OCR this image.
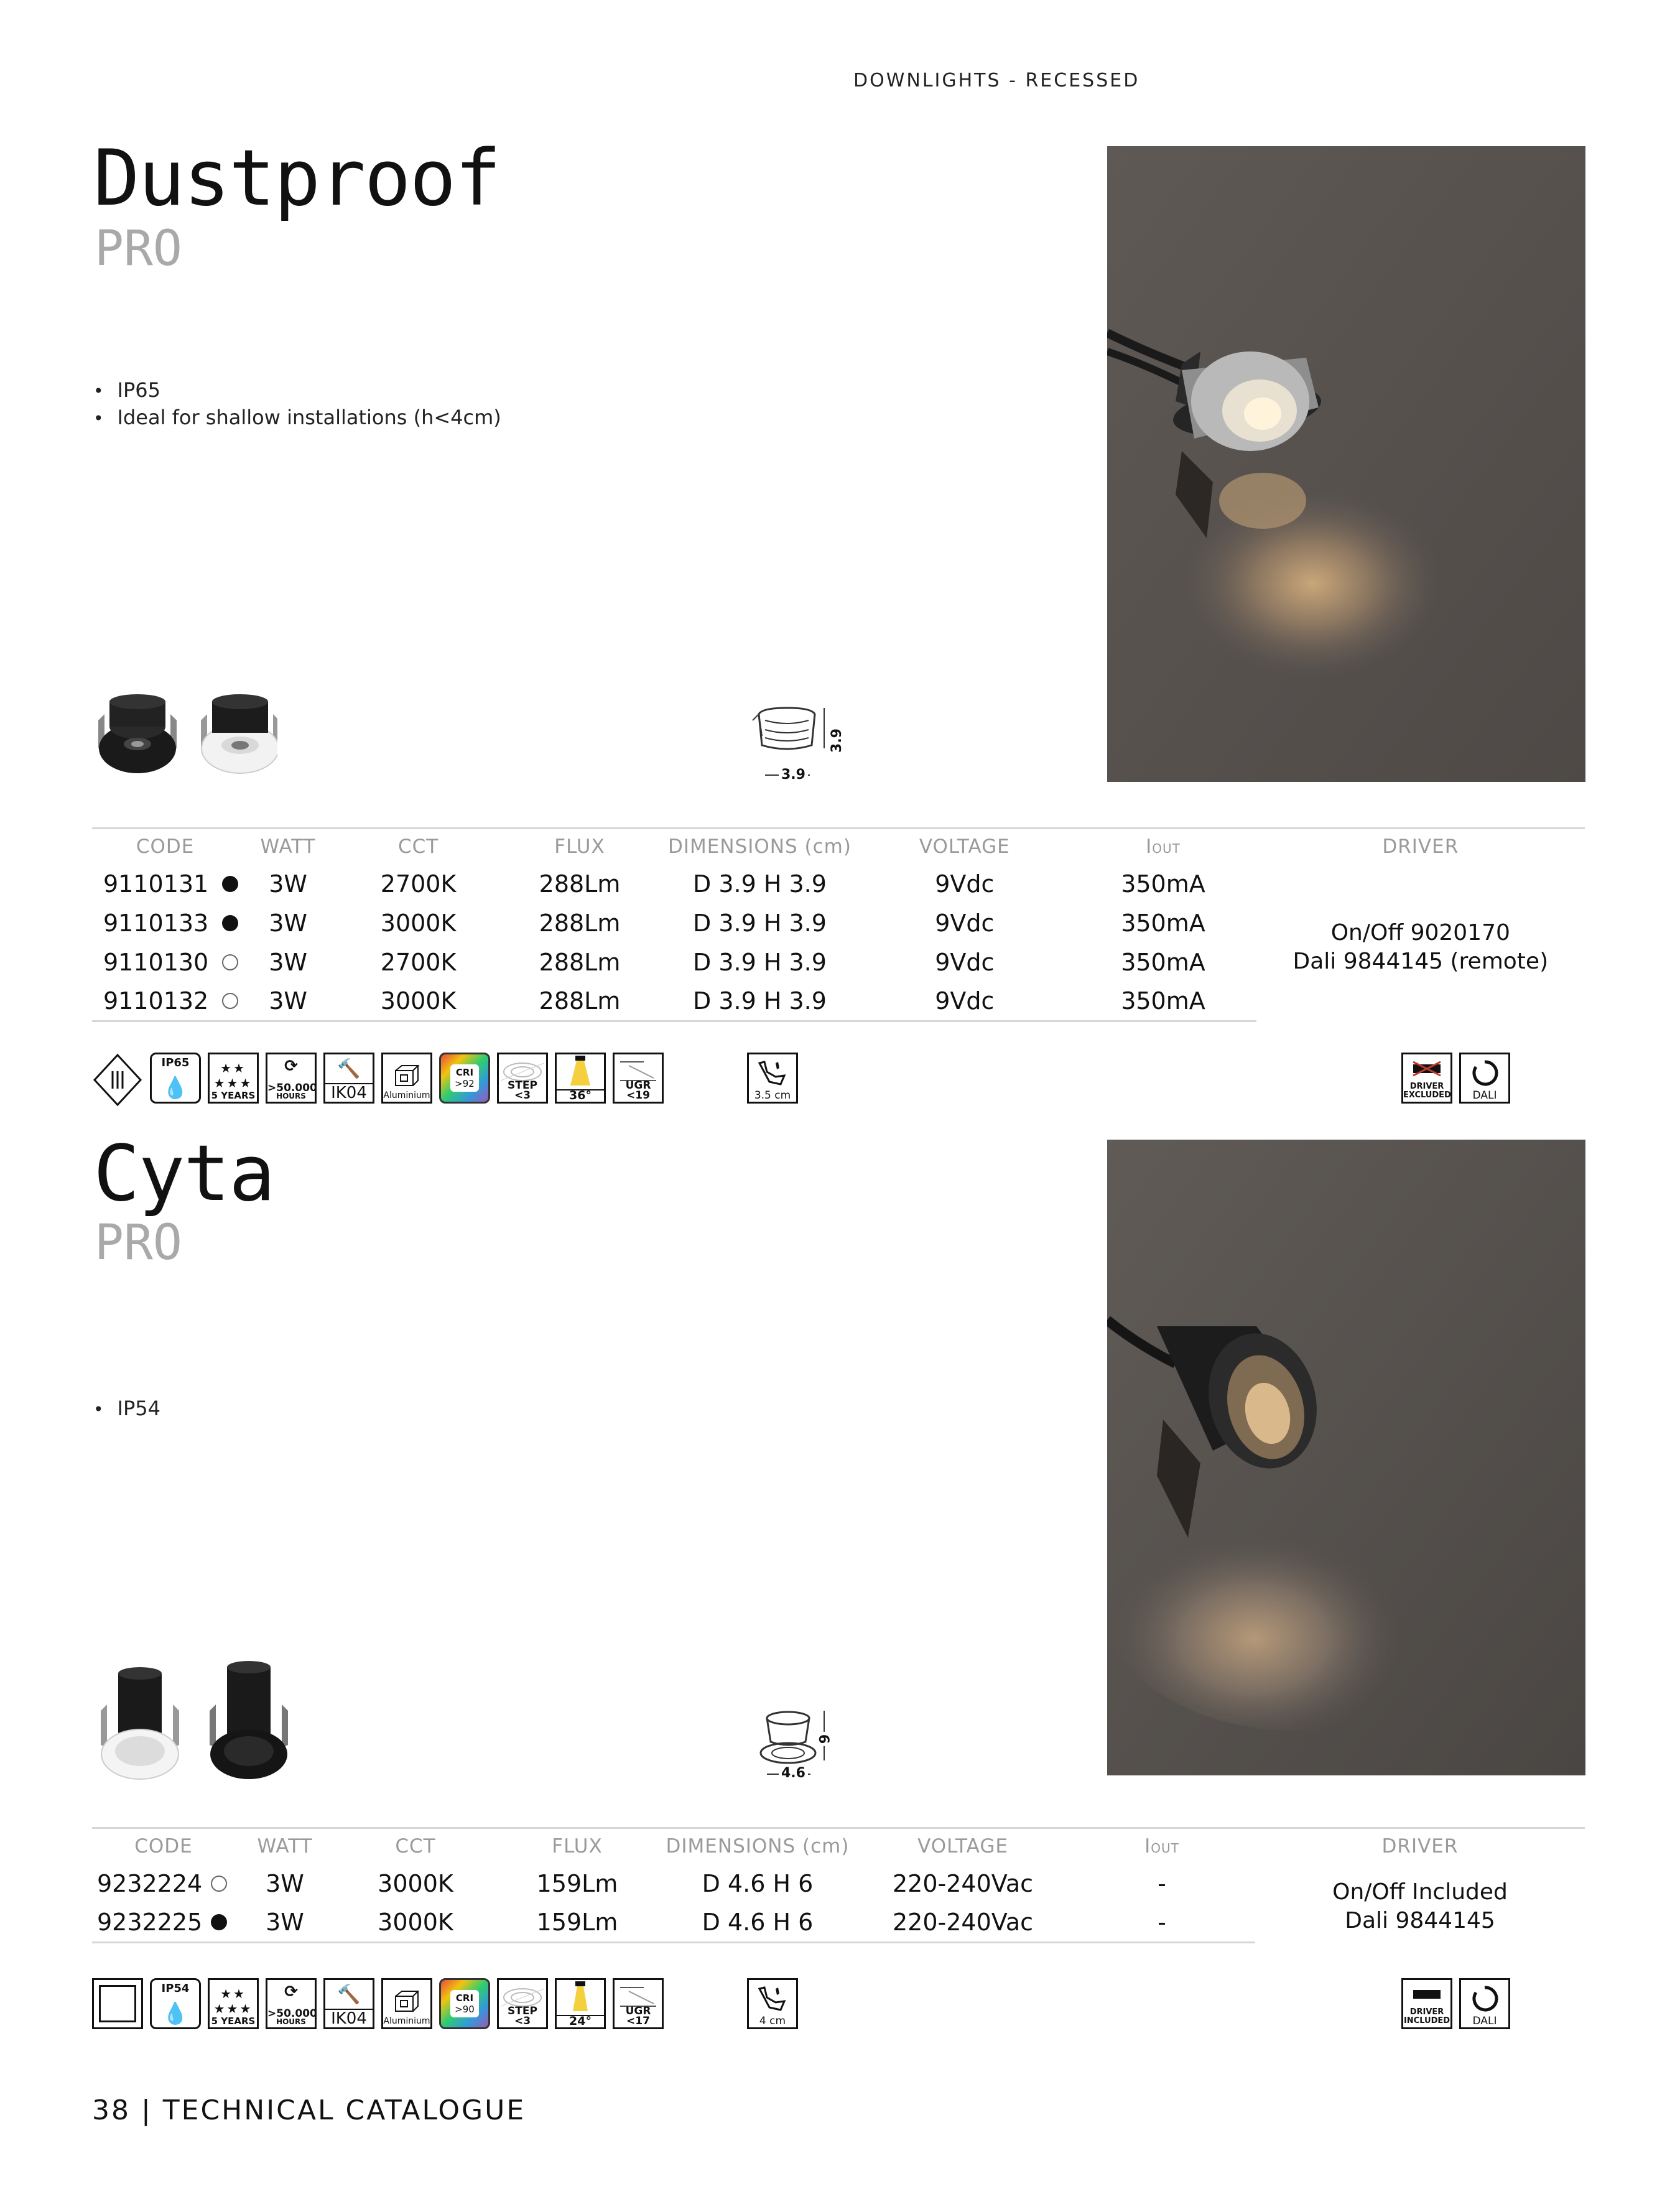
DOWNLIGHTS - RECESSED
Dustproof
PRO
• IP65
• Ideal for shallow installations (h<4cm)
3.9
3.9
CODE	WATT	CCT	FLUX	DIMENSIONS (cm)	VOLTAGE	IOUT	DRIVER
9110131	3W	2700K	288Lm	D 3.9 H 3.9	9Vdc	350mA	On/Off 9020170
Dali 9844145 (remote)

9110133	3W	3000K	288Lm	D 3.9 H 3.9	9Vdc	350mA	
9110130	3W	2700K	288Lm	D 3.9 H 3.9	9Vdc	350mA	
9110132	3W	3000K	288Lm	D 3.9 H 3.9	9Vdc	350mA	
IP65
💧
★★
★★★
5 YEARS
⟳
>50.000
HOURS
🔨
IK04	Aluminium
CRI
>92	STEP <3	36°
UGR <19	3.5 cm
DRIVER
EXCLUDED	DALI
Cyta
PRO
• IP54
4.6
6
CODE	WATT	CCT	FLUX	DIMENSIONS (cm)	VOLTAGE	IOUT	DRIVER
9232224	3W	3000K	159Lm	D 4.6 H 6	220-240Vac	-	On/Off Included
Dali 9844145

9232225	3W	3000K	159Lm	D 4.6 H 6	220-240Vac	-	
IP54
💧
★★
★★★
5 YEARS
⟳
>50.000
HOURS
🔨
IK04	Aluminium
CRI
>90	STEP <3	24°
UGR <17	4 cm
DRIVER
INCLUDED	DALI
38 | TECHNICAL CATALOGUE
